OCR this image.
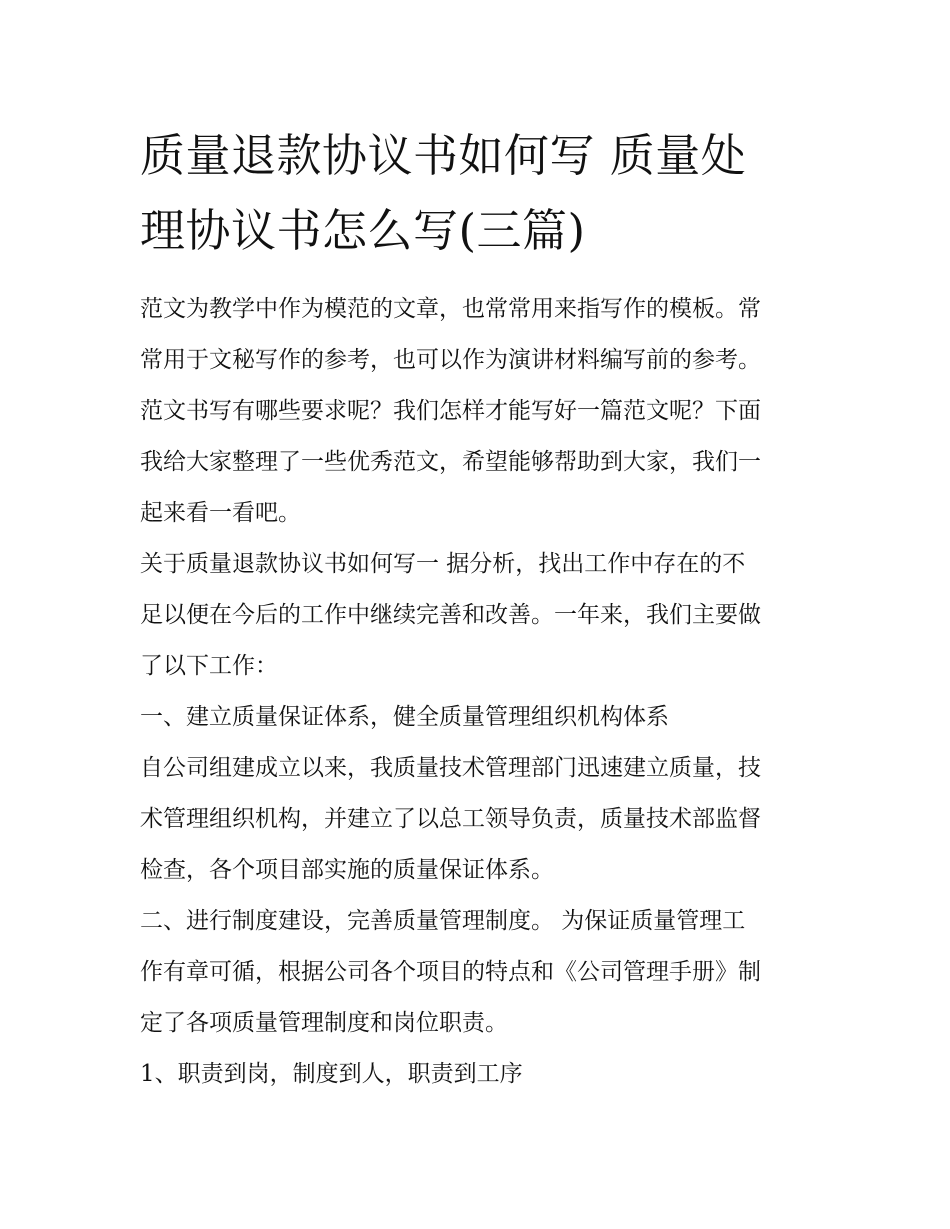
质量退款协议书如何写 质量处
理协议书怎么写(三篇)

范文为教学中作为模范的文章，也常常用来指写作的模板。常

常用于文秘写作的参考，也可以作为演讲材料编写前的参考。

范文书写有哪些要求呢？我们怎样才能写好一篇范文呢？下面

我给大家整理了一些优秀范文，希望能够帮助到大家，我们一

起来看一看吧。

关于质量退款协议书如何写一 据分析，找出工作中存在的不

足以便在今后的工作中继续完善和改善。一年来，我们主要做

了以下工作：

一、建立质量保证体系，健全质量管理组织机构体系

自公司组建成立以来，我质量技术管理部门迅速建立质量，技

术管理组织机构，并建立了以总工领导负责，质量技术部监督

检查，各个项目部实施的质量保证体系。

二、进行制度建设，完善质量管理制度。 为保证质量管理工

作有章可循，根据公司各个项目的特点和《公司管理手册》制

定了各项质量管理制度和岗位职责。

1、职责到岗，制度到人，职责到工序
